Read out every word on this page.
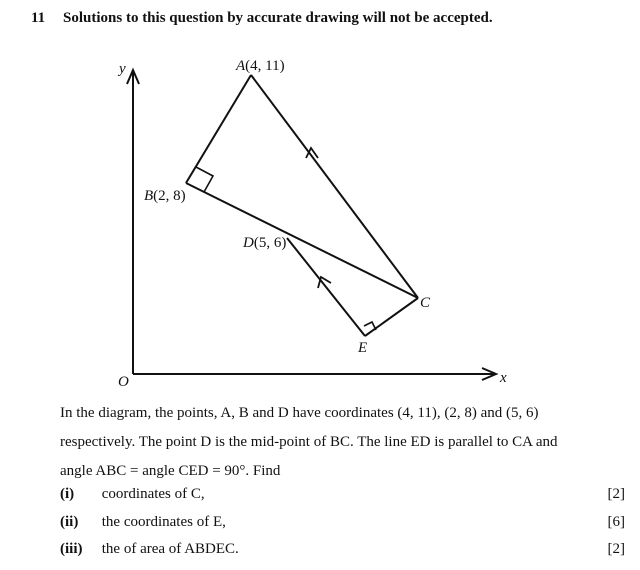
11 Solutions to this question by accurate drawing will not be accepted.
y
x
O
A(4, 11)
B(2, 8)
D(5, 6)
C
E
In the diagram, the points, A, B and D have coordinates (4, 11), (2, 8) and (5, 6)
respectively. The point D is the mid-point of BC. The line ED is parallel to CA and
angle ABC = angle CED = 90°. Find
(i) coordinates of C,	[2]
(ii) the coordinates of E,	[6]
(iii) the of area of ABDEC.	[2]
